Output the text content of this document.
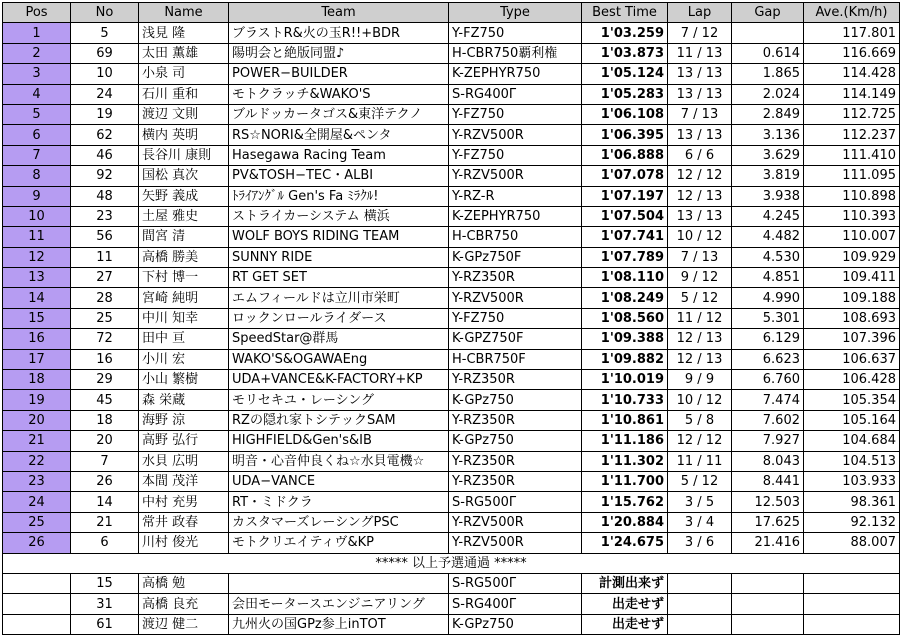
Pos	No	Name	Team	Type	Best Time	Lap	Gap	Ave.(Km/h)
1	5	浅見 隆	ブラストR&火の玉R!!+BDR	Y-FZ750	1'03.259	7 / 12		117.801
2	69	太田 薫雄	陽明会と絶版同盟♪	H-CBR750覇利権	1'03.873	11 / 13	0.614	116.669
3	10	小泉 司	POWER−BUILDER	K-ZEPHYR750	1'05.124	13 / 13	1.865	114.428
4	24	石川 重和	モトクラッチ&WAKO'S	S-RG400Γ	1'05.283	13 / 13	2.024	114.149
5	19	渡辺 文則	ブルドッカータゴス&東洋テクノ	Y-FZ750	1'06.108	7 / 13	2.849	112.725
6	62	横内 英明	RS☆NORI&全開屋&ペンタ	Y-RZV500R	1'06.395	13 / 13	3.136	112.237
7	46	長谷川 康則	Hasegawa Racing Team	Y-FZ750	1'06.888	6 / 6	3.629	111.410
8	92	国松 真次	PV&TOSH−TEC・ALBI	Y-RZV500R	1'07.078	12 / 12	3.819	111.095
9	48	矢野 義成	ﾄﾗｲｱﾝｸﾞﾙ Gen's Fa ﾐﾗｸﾙ!	Y-RZ-R	1'07.197	12 / 13	3.938	110.898
10	23	土屋 雅史	ストライカーシステム 横浜	K-ZEPHYR750	1'07.504	13 / 13	4.245	110.393
11	56	間宮 清	WOLF BOYS RIDING TEAM	H-CBR750	1'07.741	10 / 12	4.482	110.007
12	11	高橋 勝美	SUNNY RIDE	K-GPz750F	1'07.789	7 / 13	4.530	109.929
13	27	下村 博一	RT GET SET	Y-RZ350R	1'08.110	9 / 12	4.851	109.411
14	28	宮崎 純明	エムフィールドは立川市栄町	Y-RZV500R	1'08.249	5 / 12	4.990	109.188
15	25	中川 知幸	ロックンロールライダース	Y-FZ750	1'08.560	11 / 12	5.301	108.693
16	72	田中 亘	SpeedStar@群馬	K-GPZ750F	1'09.388	12 / 13	6.129	107.396
17	16	小川 宏	WAKO'S&OGAWAEng	H-CBR750F	1'09.882	12 / 13	6.623	106.637
18	29	小山 繁樹	UDA+VANCE&K-FACTORY+KP	Y-RZ350R	1'10.019	9 / 9	6.760	106.428
19	45	森 栄蔵	モリセキユ・レーシング	K-GPz750	1'10.733	10 / 12	7.474	105.354
20	18	海野 涼	RZの隠れ家トシテックSAM	Y-RZ350R	1'10.861	5 / 8	7.602	105.164
21	20	高野 弘行	HIGHFIELD&Gen's&IB	K-GPz750	1'11.186	12 / 12	7.927	104.684
22	7	水貝 広明	明音・心音仲良くね☆水貝電機☆	Y-RZ350R	1'11.302	11 / 11	8.043	104.513
23	26	本間 茂洋	UDA−VANCE	Y-RZ350R	1'11.700	5 / 12	8.441	103.933
24	14	中村 充男	RT・ミドクラ	S-RG500Γ	1'15.762	3 / 5	12.503	98.361
25	21	常井 政春	カスタマーズレーシングPSC	Y-RZV500R	1'20.884	3 / 4	17.625	92.132
26	6	川村 俊光	モトクリエイティヴ&KP	Y-RZV500R	1'24.675	3 / 6	21.416	88.007
***** 以上予選通過 *****								
	15	高橋 勉		S-RG500Γ	計測出来ず			
	31	高橋 良充	会田モータースエンジニアリング	S-RG400Γ	出走せず			
	61	渡辺 健二	九州火の国GPz参上inTOT	K-GPz750	出走せず			
